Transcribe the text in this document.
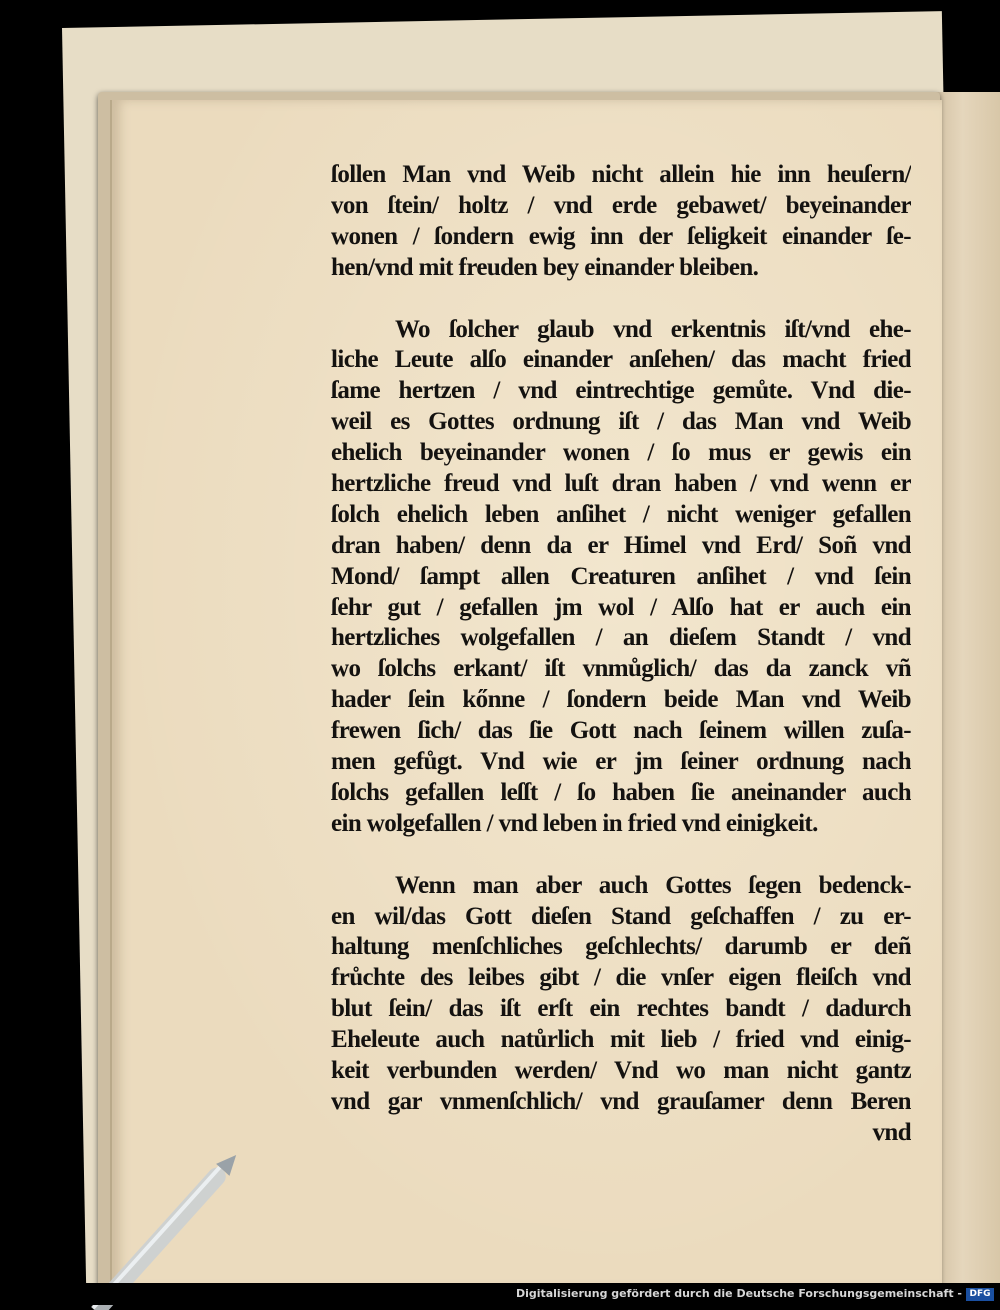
ſollen Man vnd Weib nicht allein hie inn heuſern/
von ſtein/ holtz / vnd erde gebawet/ beyeinander
wonen / ſondern ewig inn der ſeligkeit einander ſe-
hen/vnd mit freuden bey einander bleiben.
Wo ſolcher glaub vnd erkentnis iſt/vnd ehe-
liche Leute alſo einander anſehen/ das macht fried
ſame hertzen / vnd eintrechtige gemůte. Vnd die-
weil es Gottes ordnung iſt / das Man vnd Weib
ehelich beyeinander wonen / ſo mus er gewis ein
hertzliche freud vnd luſt dran haben / vnd wenn er
ſolch ehelich leben anſihet / nicht weniger gefallen
dran haben/ denn da er Himel vnd Erd/ Soñ vnd
Mond/ ſampt allen Creaturen anſihet / vnd ſein
ſehr gut / gefallen jm wol / Alſo hat er auch ein
hertzliches wolgefallen / an dieſem Standt / vnd
wo ſolchs erkant/ iſt vnmůglich/ das da zanck vñ
hader ſein kőnne / ſondern beide Man vnd Weib
frewen ſich/ das ſie Gott nach ſeinem willen zuſa-
men gefůgt. Vnd wie er jm ſeiner ordnung nach
ſolchs gefallen leſſt / ſo haben ſie aneinander auch
ein wolgefallen / vnd leben in fried vnd einigkeit.
Wenn man aber auch Gottes ſegen bedenck-
en wil/das Gott dieſen Stand geſchaffen / zu er-
haltung menſchliches geſchlechts/ darumb er deñ
frůchte des leibes gibt / die vnſer eigen fleiſch vnd
blut ſein/ das iſt erſt ein rechtes bandt / dadurch
Eheleute auch natůrlich mit lieb / fried vnd einig-
keit verbunden werden/ Vnd wo man nicht gantz
vnd gar vnmenſchlich/ vnd grauſamer denn Beren
vnd
Digitalisierung gefördert durch die Deutsche Forschungsgemeinschaft - DFG
